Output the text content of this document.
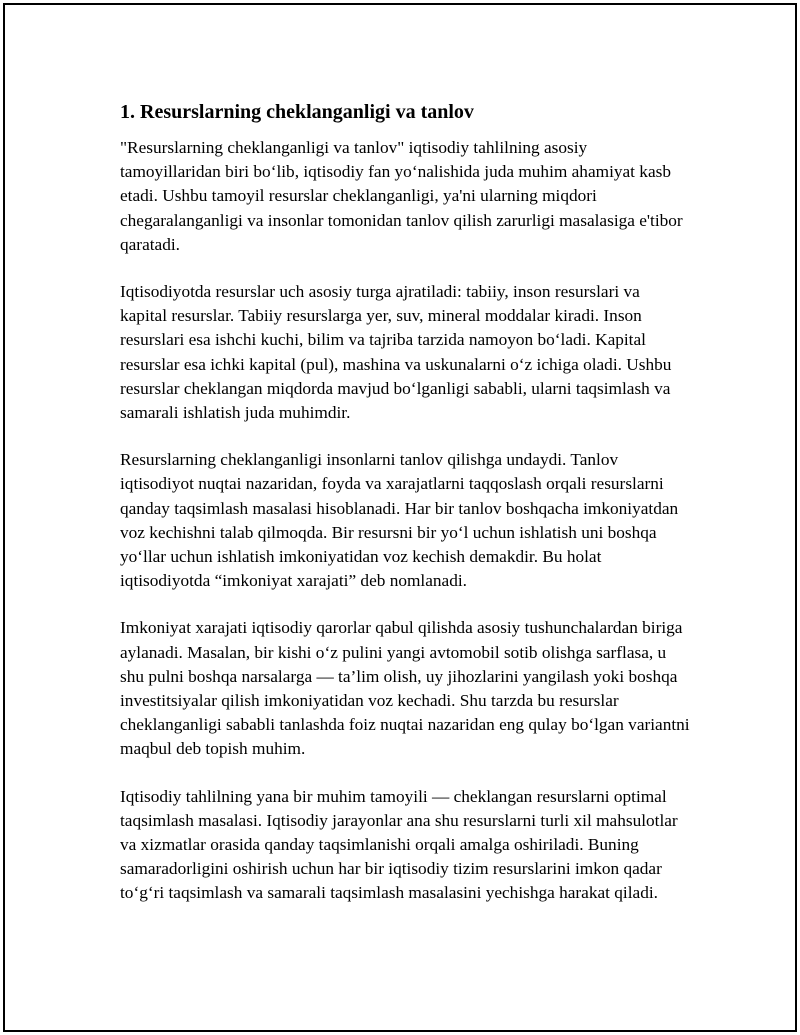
1. Resurslarning cheklanganligi va tanlov

"Resurslarning cheklanganligi va tanlov" iqtisodiy tahlilning asosiy tamoyillaridan biri bo‘lib, iqtisodiy fan yo‘nalishida juda muhim ahamiyat kasb etadi. Ushbu tamoyil resurslar cheklanganligi, ya'ni ularning miqdori chegaralanganligi va insonlar tomonidan tanlov qilish zarurligi masalasiga e'tibor qaratadi.

Iqtisodiyotda resurslar uch asosiy turga ajratiladi: tabiiy, inson resurslari va kapital resurslar. Tabiiy resurslarga yer, suv, mineral moddalar kiradi. Inson resurslari esa ishchi kuchi, bilim va tajriba tarzida namoyon bo‘ladi. Kapital resurslar esa ichki kapital (pul), mashina va uskunalarni o‘z ichiga oladi. Ushbu resurslar cheklangan miqdorda mavjud bo‘lganligi sababli, ularni taqsimlash va samarali ishlatish juda muhimdir.

Resurslarning cheklanganligi insonlarni tanlov qilishga undaydi. Tanlov iqtisodiyot nuqtai nazaridan, foyda va xarajatlarni taqqoslash orqali resurslarni qanday taqsimlash masalasi hisoblanadi. Har bir tanlov boshqacha imkoniyatdan voz kechishni talab qilmoqda. Bir resursni bir yo‘l uchun ishlatish uni boshqa yo‘llar uchun ishlatish imkoniyatidan voz kechish demakdir. Bu holat iqtisodiyotda “imkoniyat xarajati” deb nomlanadi.

Imkoniyat xarajati iqtisodiy qarorlar qabul qilishda asosiy tushunchalardan biriga aylanadi. Masalan, bir kishi o‘z pulini yangi avtomobil sotib olishga sarflasa, u shu pulni boshqa narsalarga — ta’lim olish, uy jihozlarini yangilash yoki boshqa investitsiyalar qilish imkoniyatidan voz kechadi. Shu tarzda bu resurslar cheklanganligi sababli tanlashda foiz nuqtai nazaridan eng qulay bo‘lgan variantni maqbul deb topish muhim.

Iqtisodiy tahlilning yana bir muhim tamoyili — cheklangan resurslarni optimal taqsimlash masalasi. Iqtisodiy jarayonlar ana shu resurslarni turli xil mahsulotlar va xizmatlar orasida qanday taqsimlanishi orqali amalga oshiriladi. Buning samaradorligini oshirish uchun har bir iqtisodiy tizim resurslarini imkon qadar to‘g‘ri taqsimlash va samarali taqsimlash masalasini yechishga harakat qiladi.
